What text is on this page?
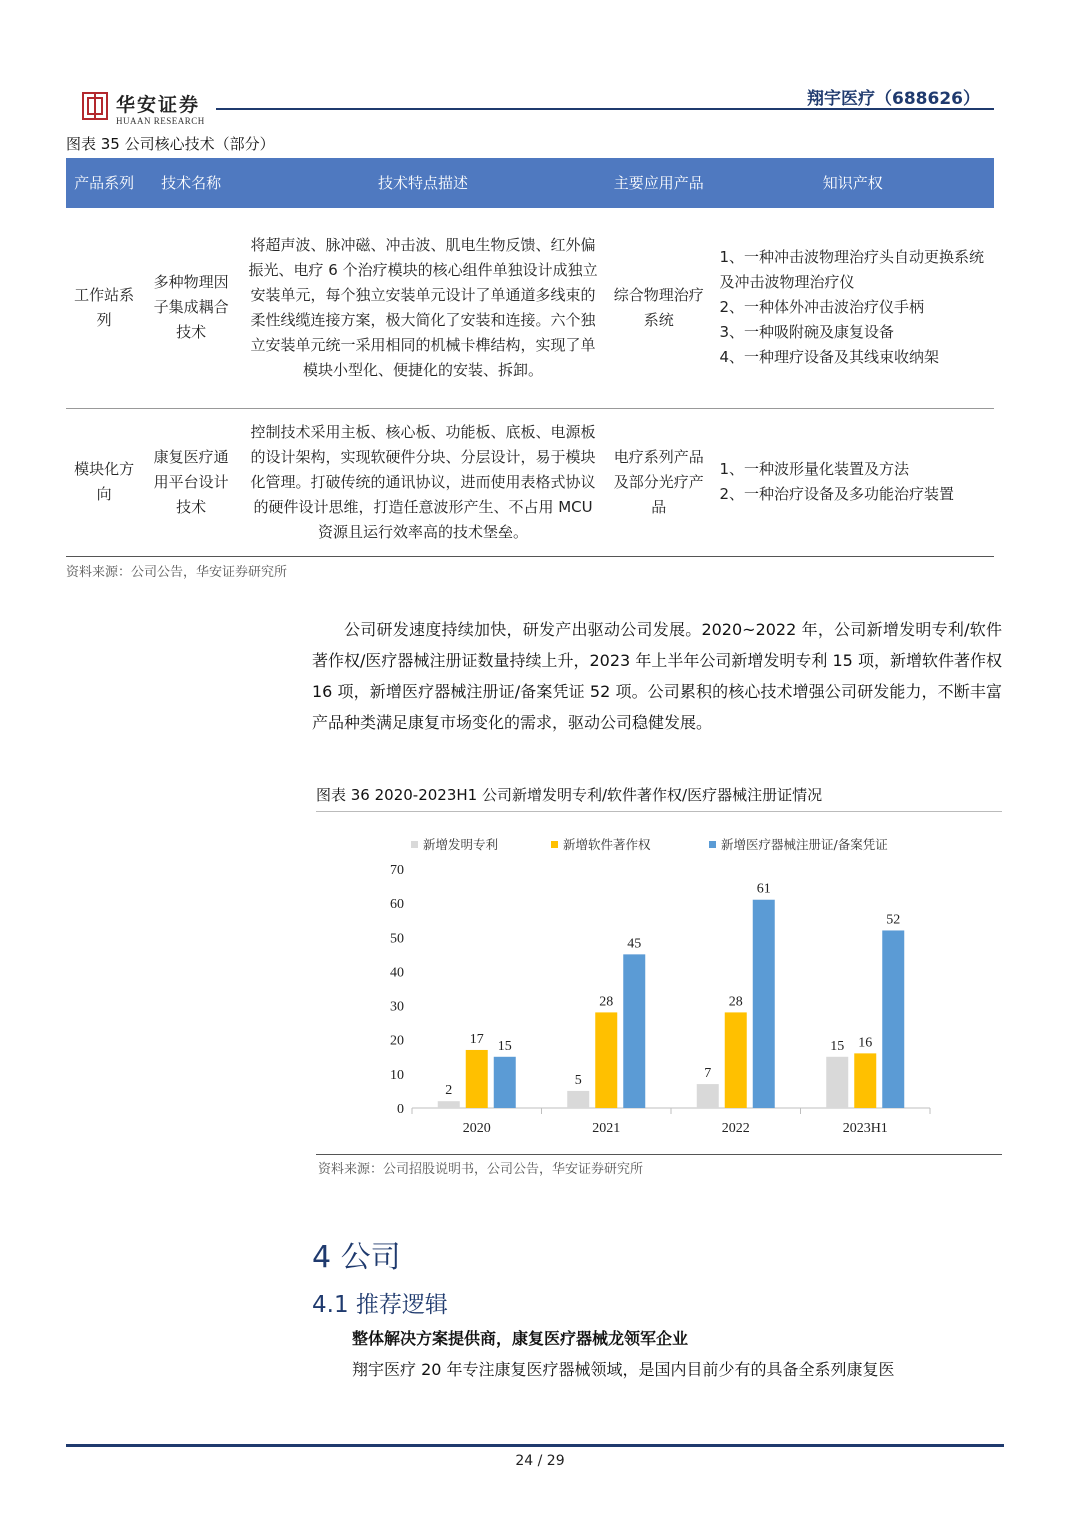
华安证券
HUAAN RESEARCH
翔宇医疗（688626）
图表 35 公司核心技术（部分）
产品系列	技术名称	技术特点描述	主要应用产品	知识产权
工作站系列	多种物理因子集成耦合技术	将超声波、脉冲磁、冲击波、肌电生物反馈、红外偏振光、电疗 6 个治疗模块的核心组件单独设计成独立安装单元，每个独立安装单元设计了单通道多线束的柔性线缆连接方案，极大简化了安装和连接。六个独立安装单元统一采用相同的机械卡榫结构，实现了单模块小型化、便捷化的安装、拆卸。	综合物理治疗系统	1、一种冲击波物理治疗头自动更换系统及冲击波物理治疗仪
2、一种体外冲击波治疗仪手柄
3、一种吸附碗及康复设备
4、一种理疗设备及其线束收纳架

模块化方向	康复医疗通用平台设计技术	控制技术采用主板、核心板、功能板、底板、电源板的设计架构，实现软硬件分块、分层设计，易于模块化管理。打破传统的通讯协议，进而使用表格式协议的硬件设计思维，打造任意波形产生、不占用 MCU 资源且运行效率高的技术堡垒。	电疗系列产品及部分光疗产品	1、一种波形量化装置及方法
2、一种治疗设备及多功能治疗装置
资料来源：公司公告，华安证券研究所
公司研发速度持续加快，研发产出驱动公司发展。2020~2022 年，公司新增发明专利/软件著作权/医疗器械注册证数量持续上升，2023 年上半年公司新增发明专利 15 项，新增软件著作权 16 项，新增医疗器械注册证/备案凭证 52 项。公司累积的核心技术增强公司研发能力，不断丰富产品种类满足康复市场变化的需求，驱动公司稳健发展。
图表 36 2020-2023H1 公司新增发明专利/软件著作权/医疗器械注册证情况
新增发明专利	新增软件著作权	新增医疗器械注册证/备案凭证
0
10
20
30
40
50
60
70
2
17 15
2020
5
28
45
2021
7
28
61
2022
15 16
52
2023H1
资料来源：公司招股说明书，公司公告，华安证券研究所
4 公司
4.1 推荐逻辑
整体解决方案提供商，康复医疗器械龙领军企业
翔宇医疗 20 年专注康复医疗器械领域，是国内目前少有的具备全系列康复医
24 / 29
